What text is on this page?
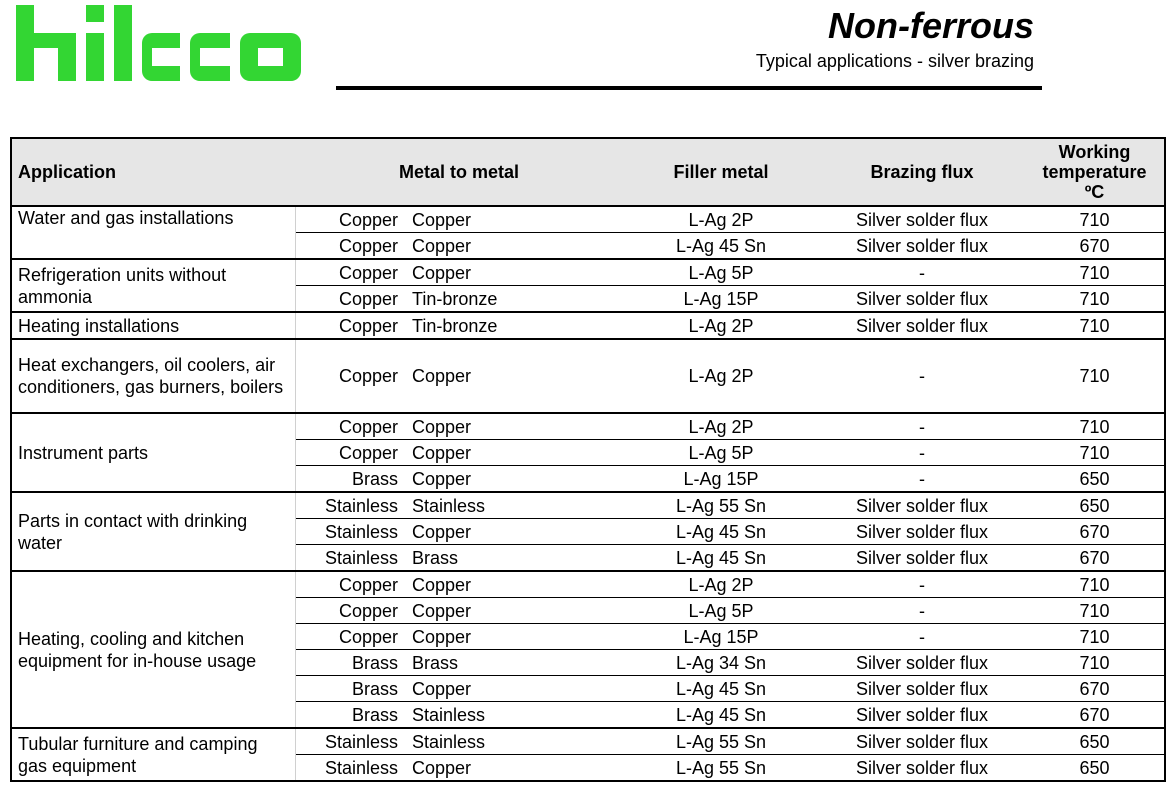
Non-ferrous
Typical applications - silver brazing
Application	Metal to metal		Filler metal	Brazing flux	Working temperature ºC
Water and gas installations	Copper	Copper	L-Ag 2P	Silver solder flux	710
	Copper	Copper	L-Ag 45 Sn	Silver solder flux	670
Refrigeration units without ammonia	Copper	Copper	L-Ag 5P	-	710
	Copper	Tin-bronze	L-Ag 15P	Silver solder flux	710
Heating installations	Copper	Tin-bronze	L-Ag 2P	Silver solder flux	710
Heat exchangers, oil coolers, air conditioners, gas burners, boilers	Copper	Copper	L-Ag 2P	-	710
Instrument parts	Copper	Copper	L-Ag 2P	-	710
	Copper	Copper	L-Ag 5P	-	710
	Brass	Copper	L-Ag 15P	-	650
Parts in contact with drinking water	Stainless	Stainless	L-Ag 55 Sn	Silver solder flux	650
	Stainless	Copper	L-Ag 45 Sn	Silver solder flux	670
	Stainless	Brass	L-Ag 45 Sn	Silver solder flux	670
Heating, cooling and kitchen equipment for in-house usage	Copper	Copper	L-Ag 2P	-	710
	Copper	Copper	L-Ag 5P	-	710
	Copper	Copper	L-Ag 15P	-	710
	Brass	Brass	L-Ag 34 Sn	Silver solder flux	710
	Brass	Copper	L-Ag 45 Sn	Silver solder flux	670
	Brass	Stainless	L-Ag 45 Sn	Silver solder flux	670
Tubular furniture and camping gas equipment	Stainless	Stainless	L-Ag 55 Sn	Silver solder flux	650
	Stainless	Copper	L-Ag 55 Sn	Silver solder flux	650
